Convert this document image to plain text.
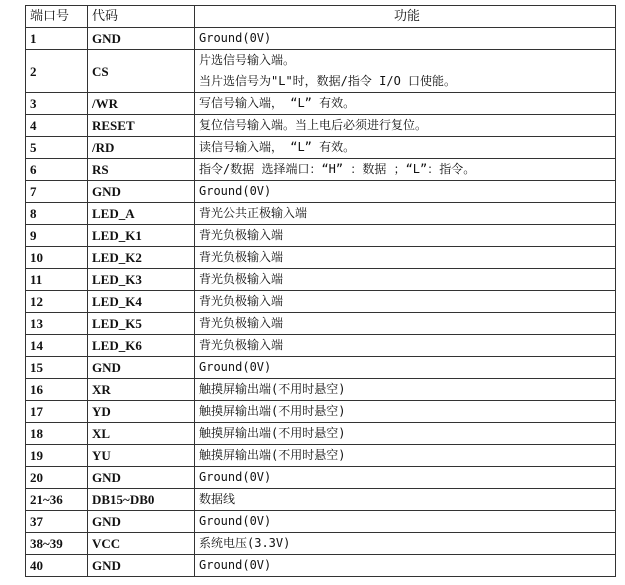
端口号	代码	功能
1	GND	Ground(0V)

2	CS	片选信号输入端。
当片选信号为"L"时，数据/指令 I/O 口使能。

3	/WR	写信号输入端， “L” 有效。

4	RESET	复位信号输入端。当上电后必须进行复位。

5	/RD	读信号输入端， “L” 有效。

6	RS	指令/数据 选择端口：“H” ：数据 ；“L”：指令。

7	GND	Ground(0V)

8	LED_A	背光公共正极输入端

9	LED_K1	背光负极输入端

10	LED_K2	背光负极输入端

11	LED_K3	背光负极输入端

12	LED_K4	背光负极输入端

13	LED_K5	背光负极输入端

14	LED_K6	背光负极输入端

15	GND	Ground(0V)

16	XR	触摸屏输出端(不用时悬空)

17	YD	触摸屏输出端(不用时悬空)

18	XL	触摸屏输出端(不用时悬空)

19	YU	触摸屏输出端(不用时悬空)

20	GND	Ground(0V)

21~36	DB15~DB0	数据线

37	GND	Ground(0V)

38~39	VCC	系统电压(3.3V)

40	GND	Ground(0V)
